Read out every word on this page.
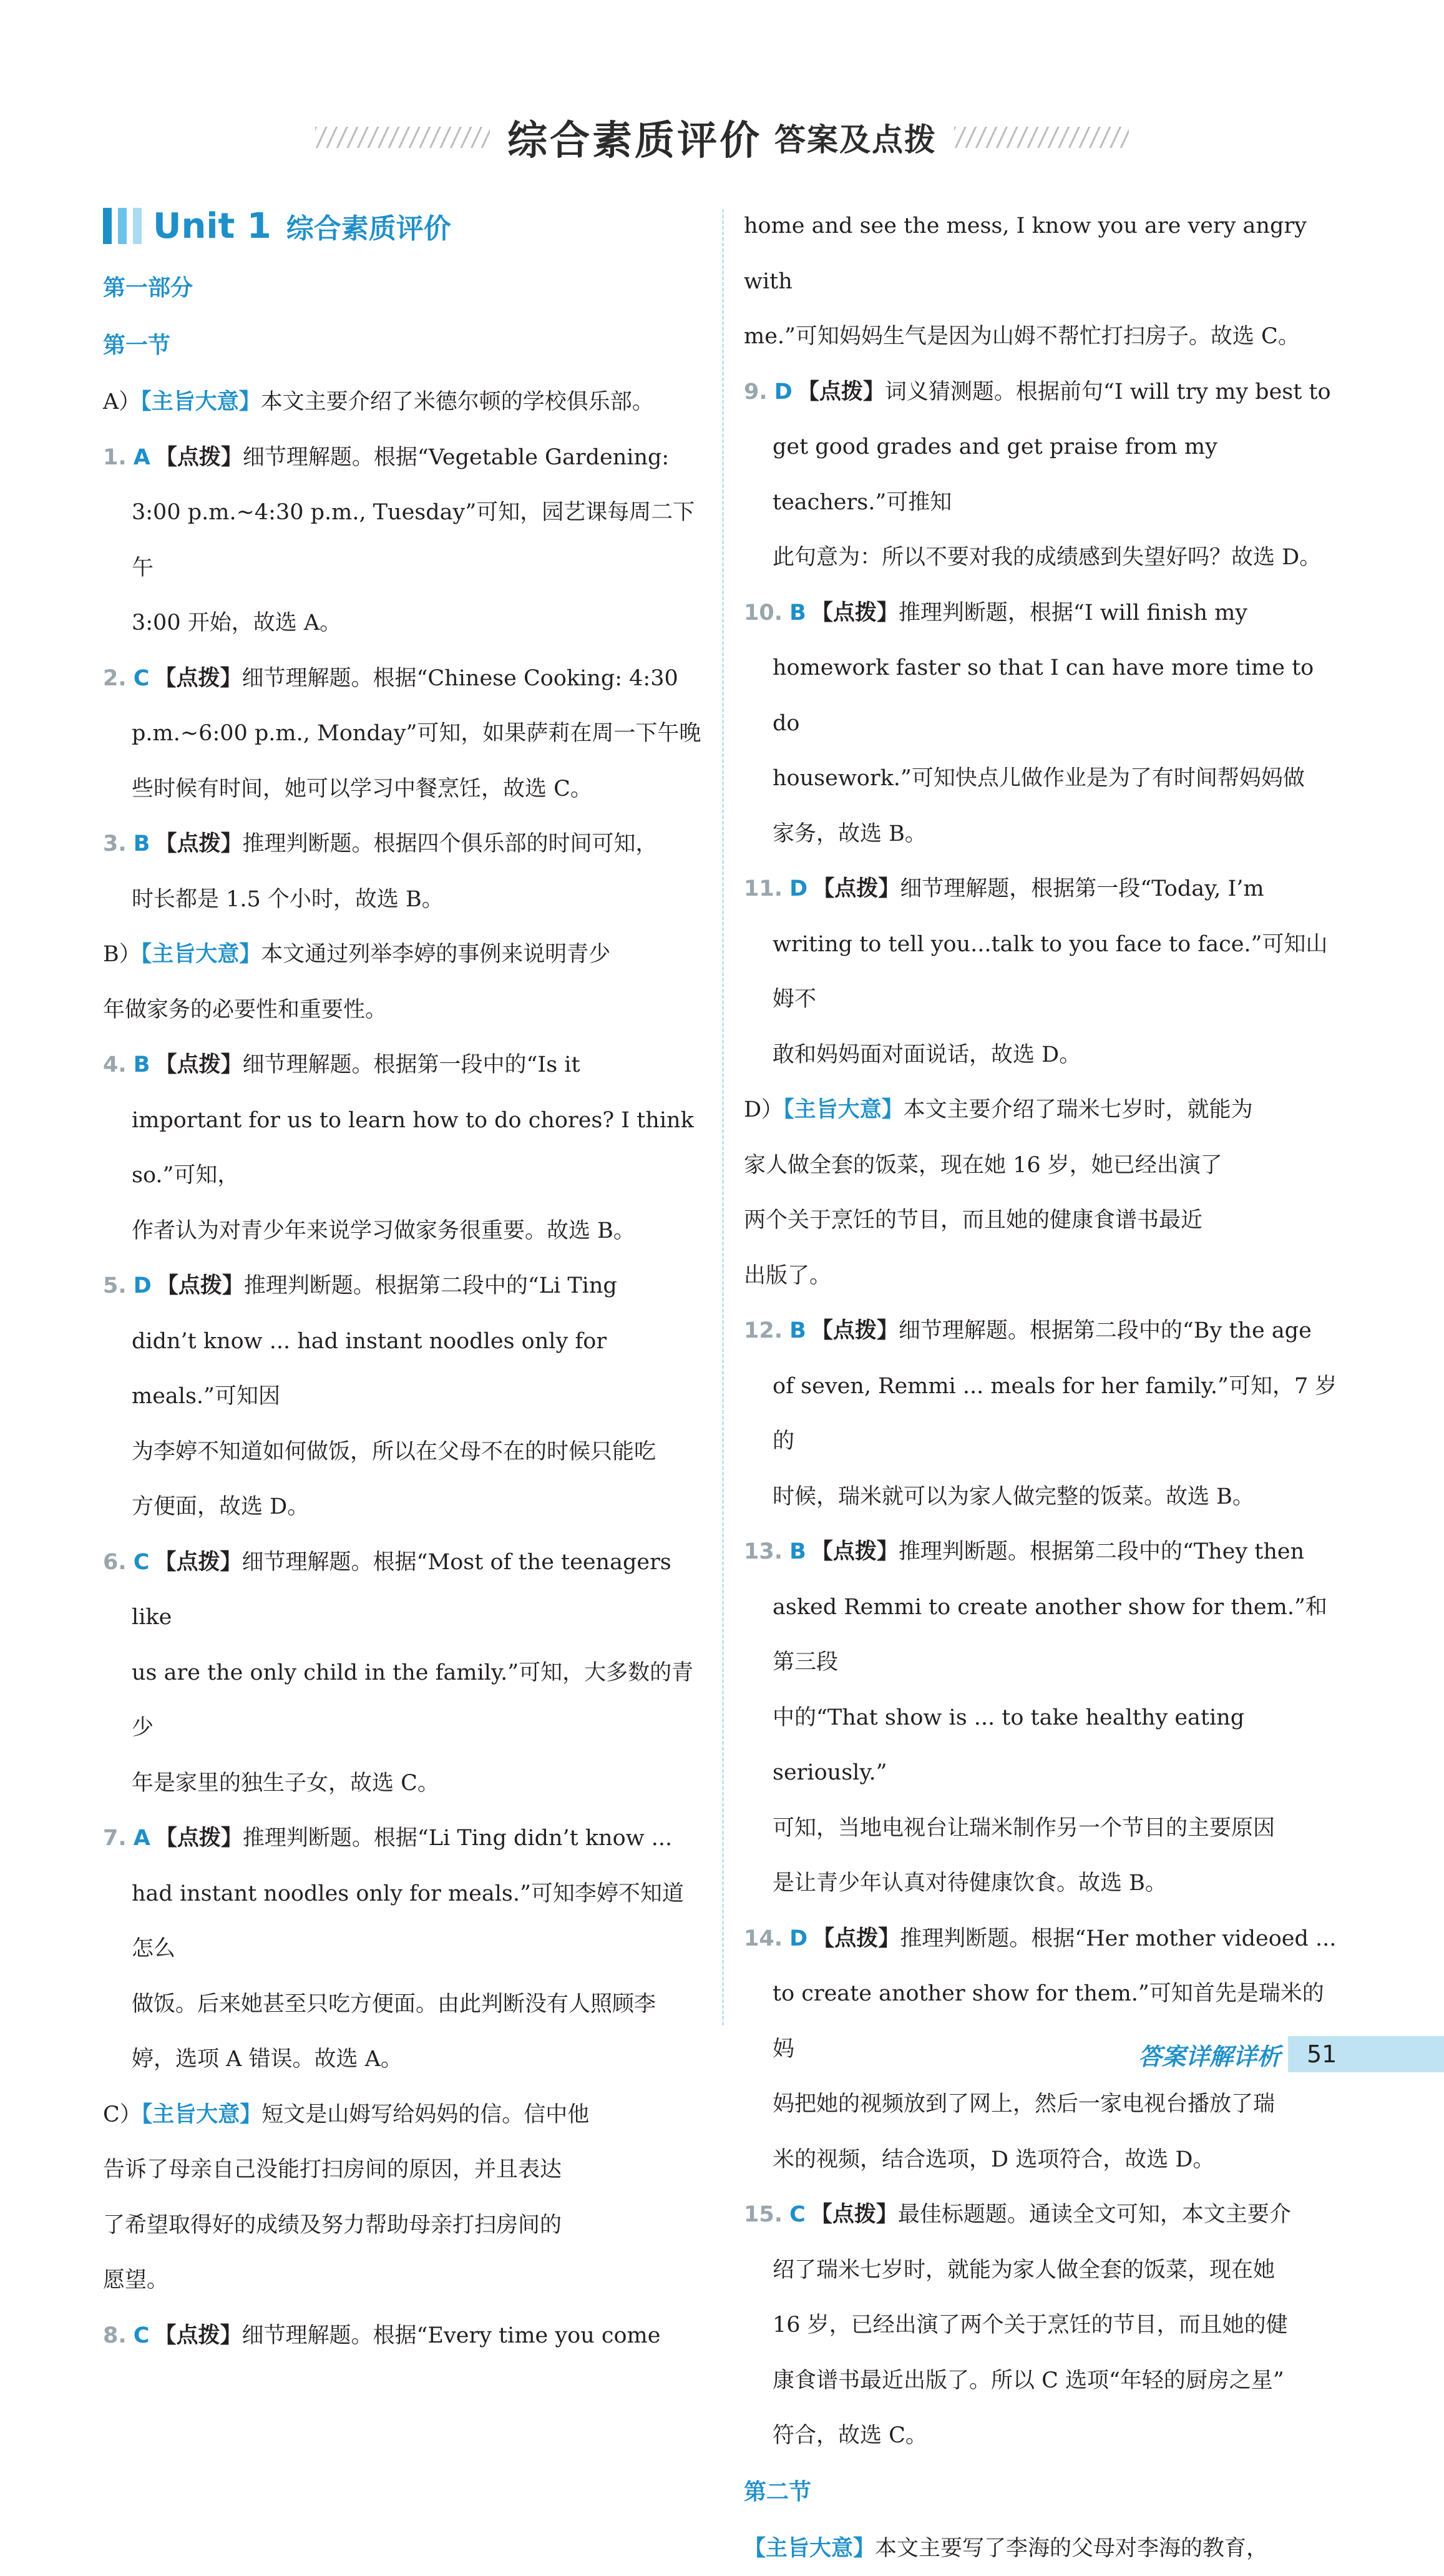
综合素质评价 答案及点拨
Unit 1 综合素质评价
第一部分
第一节
A）【主旨大意】本文主要介绍了米德尔顿的学校俱乐部。
1. A 【点拨】细节理解题。根据“Vegetable Gardening:
3:00 p.m.~4:30 p.m., Tuesday”可知，园艺课每周二下午
3:00 开始，故选 A。
2. C 【点拨】细节理解题。根据“Chinese Cooking: 4:30
p.m.~6:00 p.m., Monday”可知，如果萨莉在周一下午晚
些时候有时间，她可以学习中餐烹饪，故选 C。
3. B 【点拨】推理判断题。根据四个俱乐部的时间可知，
时长都是 1.5 个小时，故选 B。
B）【主旨大意】本文通过列举李婷的事例来说明青少
年做家务的必要性和重要性。
4. B 【点拨】细节理解题。根据第一段中的“Is it
important for us to learn how to do chores? I think so.”可知，
作者认为对青少年来说学习做家务很重要。故选 B。
5. D 【点拨】推理判断题。根据第二段中的“Li Ting
didn’t know ... had instant noodles only for meals.”可知因
为李婷不知道如何做饭，所以在父母不在的时候只能吃
方便面，故选 D。
6. C 【点拨】细节理解题。根据“Most of the teenagers like
us are the only child in the family.”可知，大多数的青少
年是家里的独生子女，故选 C。
7. A 【点拨】推理判断题。根据“Li Ting didn’t know ...
had instant noodles only for meals.”可知李婷不知道怎么
做饭。后来她甚至只吃方便面。由此判断没有人照顾李
婷，选项 A 错误。故选 A。
C）【主旨大意】短文是山姆写给妈妈的信。信中他
告诉了母亲自己没能打扫房间的原因，并且表达
了希望取得好的成绩及努力帮助母亲打扫房间的
愿望。
8. C 【点拨】细节理解题。根据“Every time you come
home and see the mess, I know you are very angry with
me.”可知妈妈生气是因为山姆不帮忙打扫房子。故选 C。
9. D 【点拨】词义猜测题。根据前句“I will try my best to
get good grades and get praise from my teachers.”可推知
此句意为：所以不要对我的成绩感到失望好吗？故选 D。
10. B 【点拨】推理判断题，根据“I will finish my
homework faster so that I can have more time to do
housework.”可知快点儿做作业是为了有时间帮妈妈做
家务，故选 B。
11. D 【点拨】细节理解题，根据第一段“Today, I’m
writing to tell you...talk to you face to face.”可知山姆不
敢和妈妈面对面说话，故选 D。
D）【主旨大意】本文主要介绍了瑞米七岁时，就能为
家人做全套的饭菜，现在她 16 岁，她已经出演了
两个关于烹饪的节目，而且她的健康食谱书最近
出版了。
12. B 【点拨】细节理解题。根据第二段中的“By the age
of seven, Remmi ... meals for her family.”可知，7 岁的
时候，瑞米就可以为家人做完整的饭菜。故选 B。
13. B 【点拨】推理判断题。根据第二段中的“They then
asked Remmi to create another show for them.”和第三段
中的“That show is ... to take healthy eating seriously.”
可知，当地电视台让瑞米制作另一个节目的主要原因
是让青少年认真对待健康饮食。故选 B。
14. D 【点拨】推理判断题。根据“Her mother videoed ...
to create another show for them.”可知首先是瑞米的妈
妈把她的视频放到了网上，然后一家电视台播放了瑞
米的视频，结合选项，D 选项符合，故选 D。
15. C 【点拨】最佳标题题。通读全文可知，本文主要介
绍了瑞米七岁时，就能为家人做全套的饭菜，现在她
16 岁，已经出演了两个关于烹饪的节目，而且她的健
康食谱书最近出版了。所以 C 选项“年轻的厨房之星”
符合，故选 C。
第二节
【主旨大意】本文主要写了李海的父母对李海的教育，
答案详解详析	51
